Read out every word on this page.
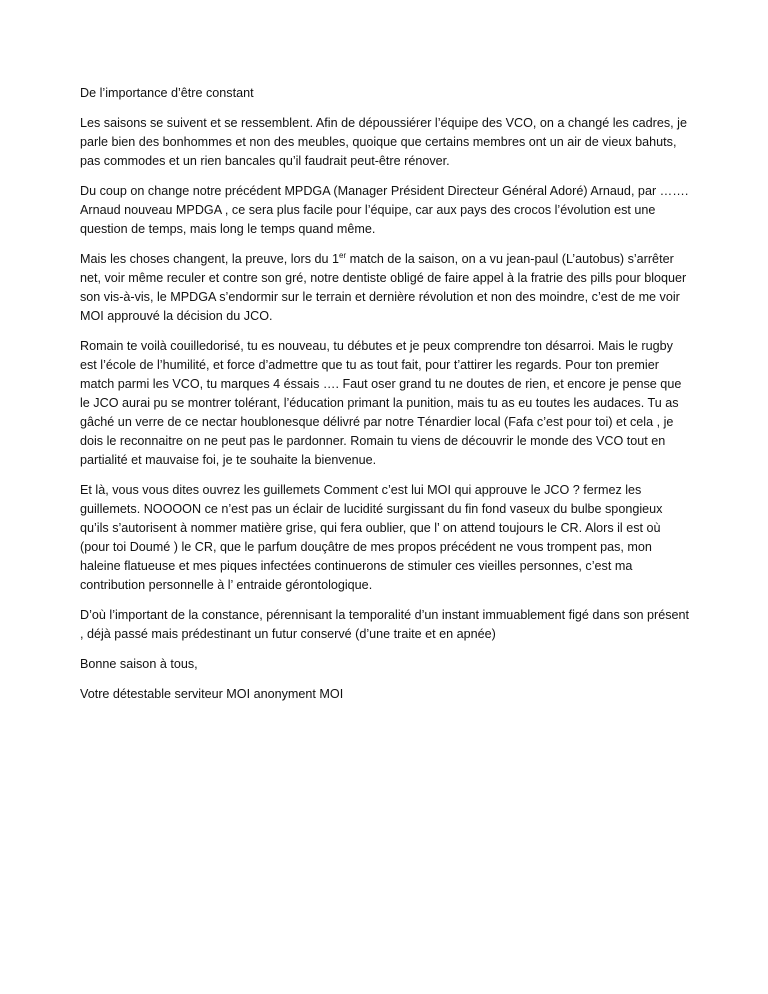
De l’importance d’être constant

Les saisons se suivent et se ressemblent. Afin de dépoussiérer l’équipe des VCO, on a changé les cadres, je parle bien des bonhommes et non des meubles, quoique que certains membres ont un air de vieux bahuts, pas commodes et un rien bancales qu’il faudrait peut-être rénover.

Du coup on change notre précédent MPDGA (Manager Président Directeur Général Adoré) Arnaud, par ……. Arnaud nouveau MPDGA , ce sera plus facile pour l’équipe, car aux pays des crocos l’évolution est une question de temps, mais long le temps quand même.

Mais les choses changent, la preuve, lors du 1er match de la saison, on a vu jean-paul (L’autobus) s’arrêter net, voir même reculer et contre son gré, notre dentiste obligé de faire appel à la fratrie des pills pour bloquer son vis-à-vis, le MPDGA s’endormir sur le terrain et dernière révolution et non des moindre, c’est de me voir MOI approuvé la décision du JCO.

Romain te voilà couilledorisé, tu es nouveau, tu débutes et je peux comprendre ton désarroi. Mais le rugby est l’école de l’humilité, et force d’admettre que tu as tout fait, pour t’attirer les regards. Pour ton premier match parmi les VCO, tu marques 4 éssais …. Faut oser grand tu ne doutes de rien, et encore je pense que le JCO aurai pu se montrer tolérant, l’éducation primant la punition, mais tu as eu toutes les audaces. Tu as gâché un verre de ce nectar houblonesque délivré par notre Ténardier local (Fafa c’est pour toi) et cela , je dois le reconnaitre on ne peut pas le pardonner. Romain tu viens de découvrir le monde des VCO tout en partialité et mauvaise foi, je te souhaite la bienvenue.

Et là, vous vous dites ouvrez les guillemets Comment c’est lui MOI qui approuve le JCO ? fermez les guillemets. NOOOON ce n’est pas un éclair de lucidité surgissant du fin fond vaseux du bulbe spongieux qu’ils s’autorisent à nommer matière grise, qui fera oublier, que l’ on attend toujours le CR. Alors il est où (pour toi Doumé ) le CR, que le parfum douçâtre de mes propos précédent ne vous trompent pas, mon haleine flatueuse et mes piques infectées continuerons de stimuler ces vieilles personnes, c’est ma contribution personnelle à l’ entraide gérontologique.

D’où l’important de la constance, pérennisant la temporalité d’un instant immuablement figé dans son présent , déjà passé mais prédestinant un futur conservé (d’une traite et en apnée)

Bonne saison à tous,

Votre détestable serviteur MOI anonyment MOI
